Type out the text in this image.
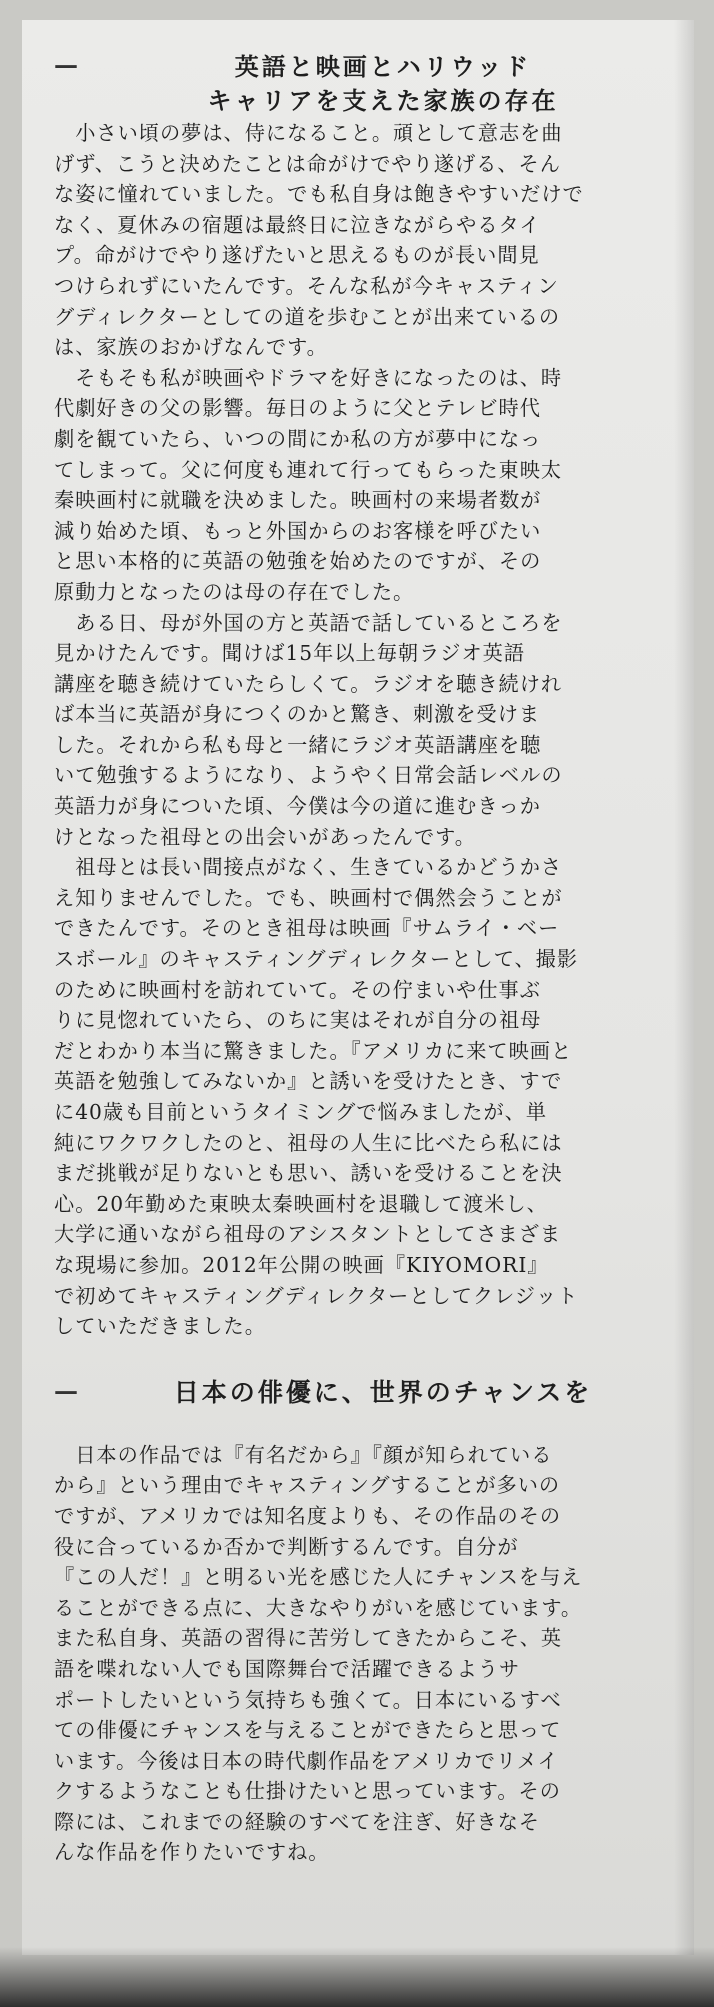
—	英語と映画とハリウッド
キャリアを支えた家族の存在
　小さい頃の夢は、侍になること。頑として意志を曲
げず、こうと決めたことは命がけでやり遂げる、そん
な姿に憧れていました。でも私自身は飽きやすいだけで
なく、夏休みの宿題は最終日に泣きながらやるタイ
プ。命がけでやり遂げたいと思えるものが長い間見
つけられずにいたんです。そんな私が今キャスティン
グディレクターとしての道を歩むことが出来ているの
は、家族のおかげなんです。
　そもそも私が映画やドラマを好きになったのは、時
代劇好きの父の影響。毎日のように父とテレビ時代
劇を観ていたら、いつの間にか私の方が夢中になっ
てしまって。父に何度も連れて行ってもらった東映太
秦映画村に就職を決めました。映画村の来場者数が
減り始めた頃、もっと外国からのお客様を呼びたい
と思い本格的に英語の勉強を始めたのですが、その
原動力となったのは母の存在でした。
　ある日、母が外国の方と英語で話しているところを
見かけたんです。聞けば15年以上毎朝ラジオ英語
講座を聴き続けていたらしくて。ラジオを聴き続けれ
ば本当に英語が身につくのかと驚き、刺激を受けま
した。それから私も母と一緒にラジオ英語講座を聴
いて勉強するようになり、ようやく日常会話レベルの
英語力が身についた頃、今僕は今の道に進むきっか
けとなった祖母との出会いがあったんです。
　祖母とは長い間接点がなく、生きているかどうかさ
え知りませんでした。でも、映画村で偶然会うことが
できたんです。そのとき祖母は映画『サムライ・ベー
スボール』のキャスティングディレクターとして、撮影
のために映画村を訪れていて。その佇まいや仕事ぶ
りに見惚れていたら、のちに実はそれが自分の祖母
だとわかり本当に驚きました。『アメリカに来て映画と
英語を勉強してみないか』と誘いを受けたとき、すで
に40歳も目前というタイミングで悩みましたが、単
純にワクワクしたのと、祖母の人生に比べたら私には
まだ挑戦が足りないとも思い、誘いを受けることを決
心。20年勤めた東映太秦映画村を退職して渡米し、
大学に通いながら祖母のアシスタントとしてさまざま
な現場に参加。2012年公開の映画『KIYOMORI』
で初めてキャスティングディレクターとしてクレジット
していただきました。
—	日本の俳優に、世界のチャンスを
　日本の作品では『有名だから』『顔が知られている
から』という理由でキャスティングすることが多いの
ですが、アメリカでは知名度よりも、その作品のその
役に合っているか否かで判断するんです。自分が
『この人だ！』と明るい光を感じた人にチャンスを与え
ることができる点に、大きなやりがいを感じています。
また私自身、英語の習得に苦労してきたからこそ、英
語を喋れない人でも国際舞台で活躍できるようサ
ポートしたいという気持ちも強くて。日本にいるすべ
ての俳優にチャンスを与えることができたらと思って
います。今後は日本の時代劇作品をアメリカでリメイ
クするようなことも仕掛けたいと思っています。その
際には、これまでの経験のすべてを注ぎ、好きなそ
んな作品を作りたいですね。
